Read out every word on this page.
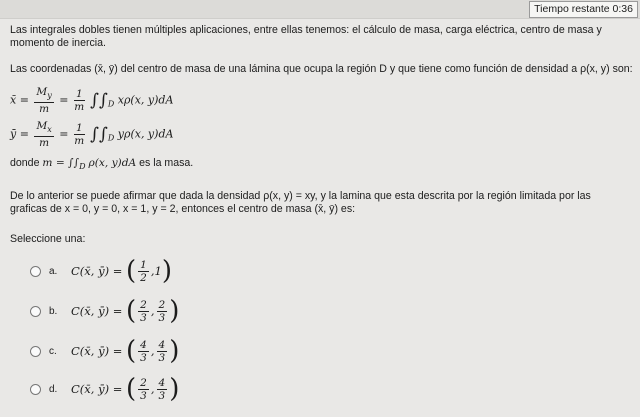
Tiempo restante 0:36
Las integrales dobles tienen múltiples aplicaciones, entre ellas tenemos: el cálculo de masa, carga eléctrica, centro de masa y momento de inercia.
Las coordenadas (x̄, ȳ) del centro de masa de una lámina que ocupa la región D y que tiene como función de densidad a ρ(x, y) son:
x̄ = $\frac{M_y}{m} = \frac{1}{m} \int\int_D$ xρ(x, y)dA
ȳ = $\frac{M_x}{m} = \frac{1}{m} \int\int_D$ yρ(x, y)dA
donde $m = \int\int_D$ ρ(x, y)dA es la masa.
De lo anterior se puede afirmar que dada la densidad ρ(x, y) = xy, y la lamina que esta descrita por la región limitada por las graficas de x = 0, y = 0, x = 1, y = 2, entonces el centro de masa (x̄, ȳ) es:
Seleccione una:
a.	C(x̄, ȳ) =
( $\frac{1}{2}$ , 1 )
b.	C(x̄, ȳ) =
( $\frac{2}{3}$ , $\frac{2}{3}$ )
c.	C(x̄, ȳ) =
( $\frac{4}{3}$ , $\frac{4}{3}$ )
d.	C(x̄, ȳ) =
( $\frac{2}{3}$ , $\frac{4}{3}$ )
